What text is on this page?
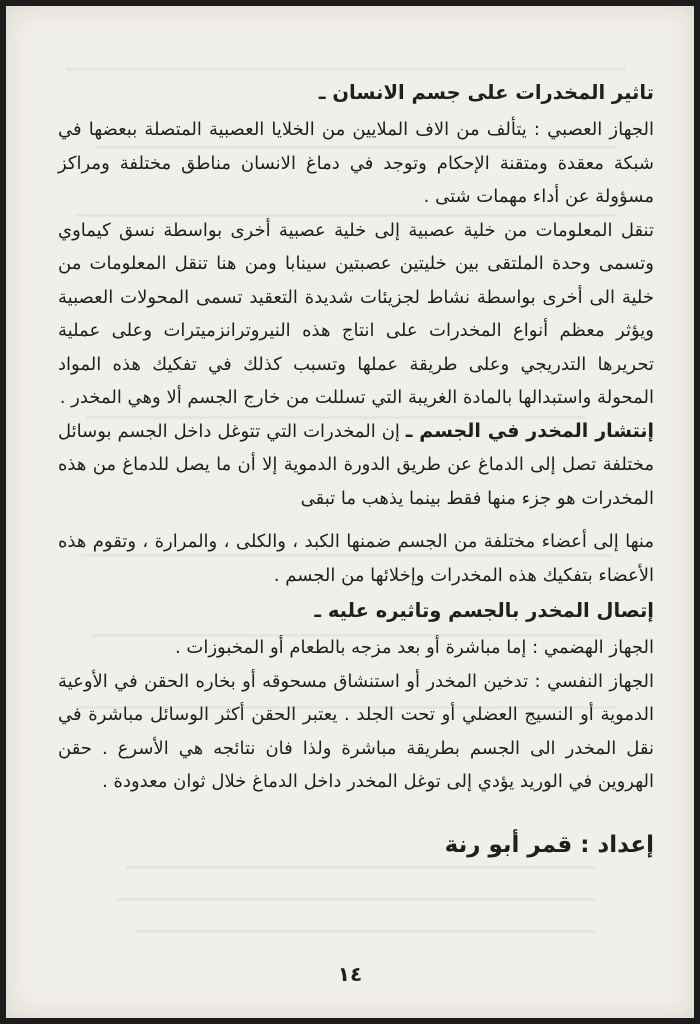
تاثير المخدرات على جسم الانسان ـ

الجهاز العصبي : يتألف من الاف الملايين من الخلايا العصبية المتصلة ببعضها في شبكة معقدة ومتقنة الإحكام وتوجد في دماغ الانسان مناطق مختلفة ومراكز مسؤولة عن أداء مهمات شتى .

تنقل المعلومات من خلية عصبية إلى خلية عصبية أخرى بواسطة نسق كيماوي وتسمى وحدة الملتقى بين خليتين عصبتين سينابا ومن هنا تنقل المعلومات من خلية الى أخرى بواسطة نشاط لجزيئات شديدة التعقيد تسمى المحولات العصبية ويؤثر معظم أنواع المخدرات على انتاج هذه النيروترانزميترات وعلى عملية تحريرها التدريجي وعلى طريقة عملها وتسبب كذلك في تفكيك هذه المواد المحولة واستبدالها بالمادة الغريبة التي تسللت من خارج الجسم ألا وهي المخدر .

إنتشار المخدر في الجسم ـ إن المخدرات التي تتوغل داخل الجسم بوسائل مختلفة تصل إلى الدماغ عن طريق الدورة الدموية إلا أن ما يصل للدماغ من هذه المخدرات هو جزء منها فقط بينما يذهب ما تبقى

منها إلى أعضاء مختلفة من الجسم ضمنها الكبد ، والكلى ، والمرارة ، وتقوم هذه الأعضاء بتفكيك هذه المخدرات وإخلائها من الجسم .

إتصال المخدر بالجسم وتاثيره عليه ـ

الجهاز الهضمي : إما مباشرة أو بعد مزجه بالطعام أو المخبوزات .

الجهاز النفسي : تدخين المخدر أو استنشاق مسحوقه أو بخاره الحقن في الأوعية الدموية أو النسيج العضلي أو تحت الجلد . يعتبر الحقن أكثر الوسائل مباشرة في نقل المخدر الى الجسم بطريقة مباشرة ولذا فان نتائجه هي الأسرع . حقن الهروين في الوريد يؤدي إلى توغل المخدر داخل الدماغ خلال ثوان معدودة .

إعداد : قمر أبو رنة
١٤
